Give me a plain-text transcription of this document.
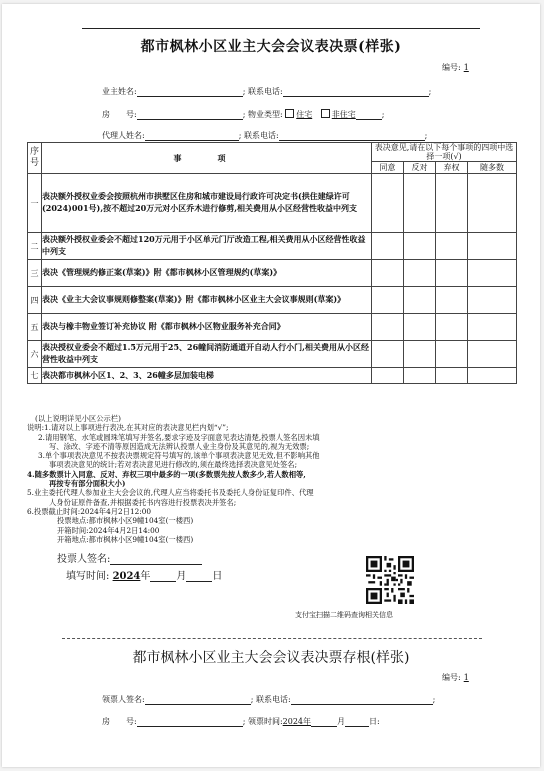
都市枫林小区业主大会会议表决票(样张)
编号: 1
业主姓名:	; 联系电话:	;
房　　号:	; 物业类型: 住宅 非住宅	;
代理人姓名:	; 联系电话:	;
序号	事　项	表决意见,请在以下每个事项的四项中选择一项(√)			
		同意	反对	弃权	随多数
一	表决额外授权业委会按照杭州市拱墅区住房和城市建设局行政许可决定书(拱住建绿许可(2024)001号),按不超过20万元对小区乔木进行修剪,相关费用从小区经营性收益中列支				
二	表决额外授权业委会不超过120万元用于小区单元门厅改造工程,相关费用从小区经营性收益中列支				
三	表决《管理规约修正案(草案)》附《都市枫林小区管理规约(草案)》				
四	表决《业主大会议事规则修整案(草案)》附《都市枫林小区业主大会议事规则(草案)》				
五	表决与橡丰物业签订补充协议 附《都市枫林小区物业服务补充合同》				
六	表决授权业委会不超过1.5万元用于25、26幢间消防通道开自动人行小门,相关费用从小区经营性收益中列支				
七	表决都市枫林小区1、2、3、26幢多层加装电梯				

(以上说明详见小区公示栏)

说明:1.请对以上事项进行表决,在其对应的表决意见栏内划“√”;

2.请用钢笔、水笔或圆珠笔填写并签名,要求字迹及字面意见表达清楚,投票人签名因未填

写、涂改、字迹不清等原因造成无法辨认投票人业主身份及其意见的,视为无效票;

3.单个事项表决意见不按表决票规定符号填写的,该单个事项表决意见无效,但不影响其他

事项表决意见的统计;若对表决意见进行修改的,须在最终选择表决意见处签名;

4.随多数票计入同意、反对、弃权三项中最多的一项(多数票先按人数多少,若人数相等,

再按专有部分面积大小)

5.业主委托代理人参加业主大会会议的,代理人应当将委托书及委托人身份证复印件、代理

人身份证原件备查,并根据委托书内容进行投票表决并签名;

6.投票截止时间:2024年4月2日12:00

投票地点:都市枫林小区9幢104室(一楼西)

开箱时间:2024年4月2日14:00

开箱地点:都市枫林小区9幢104室(一楼西)

投票人签名:
填写时间: 2024年	月	日
支付宝扫描二维码查询相关信息
都市枫林小区业主大会会议表决票存根(样张)
编号: 1
领票人签名:	; 联系电话:	;
房　　号:	; 领票时间:2024年	月	日:
